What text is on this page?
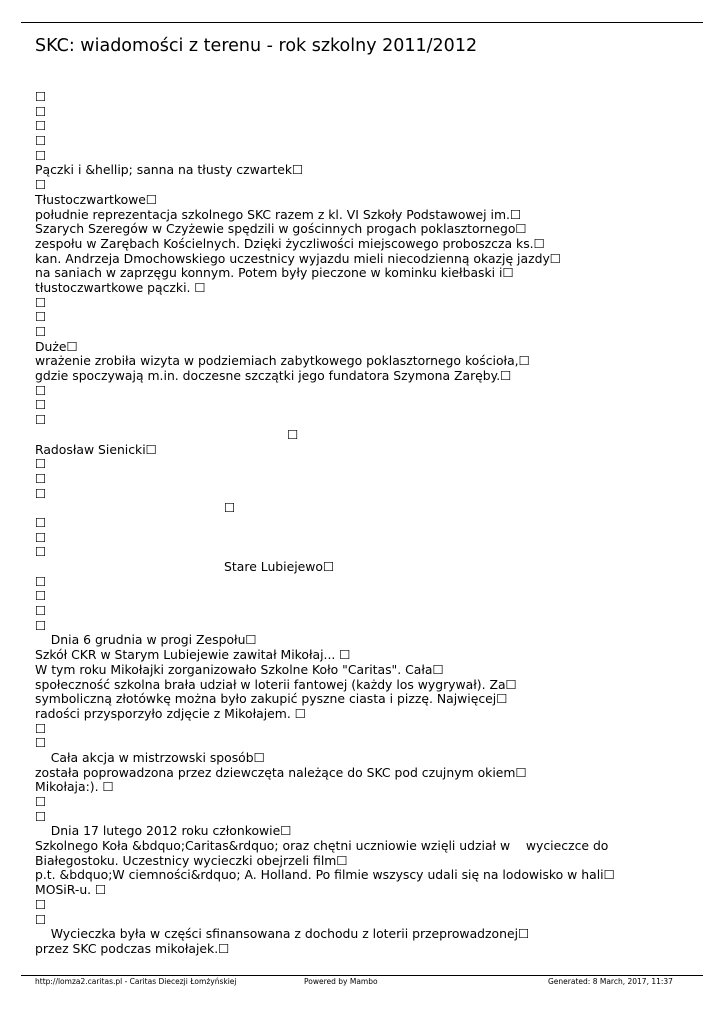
SKC: wiadomości z terenu - rok szkolny 2011/2012
☐
☐
☐
☐
☐
Pączki i &hellip; sanna na tłusty czwartek☐
☐
Tłustoczwartkowe☐
południe reprezentacja szkolnego SKC razem z kl. VI Szkoły Podstawowej im.☐
Szarych Szeregów w Czyżewie spędzili w gościnnych progach poklasztornego☐
zespołu w Zarębach Kościelnych. Dzięki życzliwości miejscowego proboszcza ks.☐
kan. Andrzeja Dmochowskiego uczestnicy wyjazdu mieli niecodzienną okazję jazdy☐
na saniach w zaprzęgu konnym. Potem były pieczone w kominku kiełbaski i☐
tłustoczwartkowe pączki. ☐
☐
☐
☐
Duże☐
wrażenie zrobiła wizyta w podziemiach zabytkowego poklasztornego kościoła,☐
gdzie spoczywają m.in. doczesne szczątki jego fundatora Szymona Zaręby.☐
☐
☐
☐
☐
Radosław Sienicki☐
☐
☐
☐
☐
☐
☐
☐
Stare Lubiejewo☐
☐
☐
☐
☐
Dnia 6 grudnia w progi Zespołu☐
Szkół CKR w Starym Lubiejewie zawitał Mikołaj... ☐
W tym roku Mikołajki zorganizowało Szkolne Koło "Caritas". Cała☐
społeczność szkolna brała udział w loterii fantowej (każdy los wygrywał). Za☐
symboliczną złotówkę można było zakupić pyszne ciasta i pizzę. Najwięcej☐
radości przysporzyło zdjęcie z Mikołajem. ☐
☐
☐
Cała akcja w mistrzowski sposób☐
została poprowadzona przez dziewczęta należące do SKC pod czujnym okiem☐
Mikołaja:). ☐
☐
☐
Dnia 17 lutego 2012 roku członkowie☐
Szkolnego Koła &bdquo;Caritas&rdquo; oraz chętni uczniowie wzięli udział w    wycieczce do
Białegostoku. Uczestnicy wycieczki obejrzeli film☐
p.t. &bdquo;W ciemności&rdquo; A. Holland. Po filmie wszyscy udali się na lodowisko w hali☐
MOSiR-u. ☐
☐
☐
Wycieczka była w części sfinansowana z dochodu z loterii przeprowadzonej☐
przez SKC podczas mikołajek.☐
http://lomza2.caritas.pl - Caritas Diecezji Łomżyńskiej	Powered by Mambo	Generated: 8 March, 2017, 11:37
